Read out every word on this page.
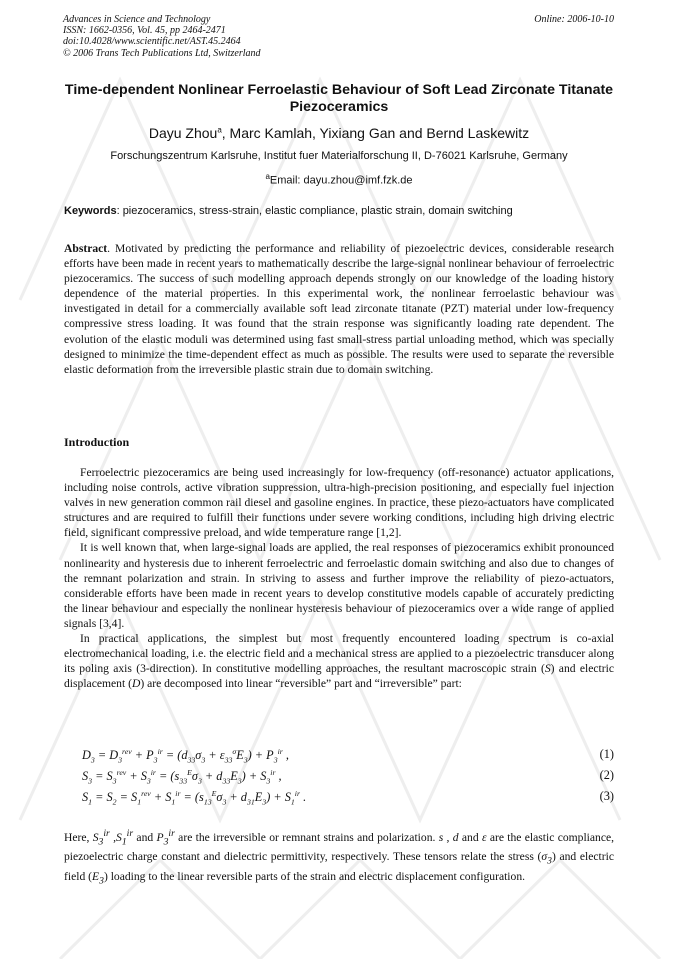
Advances in Science and Technology
ISSN: 1662-0356, Vol. 45, pp 2464-2471
doi:10.4028/www.scientific.net/AST.45.2464
© 2006 Trans Tech Publications Ltd, Switzerland
Online: 2006-10-10
Time-dependent Nonlinear Ferroelastic Behaviour of Soft Lead Zirconate Titanate Piezoceramics
Dayu Zhou$^a$, Marc Kamlah, Yixiang Gan and Bernd Laskewitz
Forschungszentrum Karlsruhe, Institut fuer Materialforschung II, D-76021 Karlsruhe, Germany
$^a$Email: dayu.zhou@imf.fzk.de
Keywords: piezoceramics, stress-strain, elastic compliance, plastic strain, domain switching
Abstract. Motivated by predicting the performance and reliability of piezoelectric devices, considerable research efforts have been made in recent years to mathematically describe the large-signal nonlinear behaviour of ferroelectric piezoceramics. The success of such modelling approach depends strongly on our knowledge of the loading history dependence of the material properties. In this experimental work, the nonlinear ferroelastic behaviour was investigated in detail for a commercially available soft lead zirconate titanate (PZT) material under low-frequency compressive stress loading. It was found that the strain response was significantly loading rate dependent. The evolution of the elastic moduli was determined using fast small-stress partial unloading method, which was specially designed to minimize the time-dependent effect as much as possible. The results were used to separate the reversible elastic deformation from the irreversible plastic strain due to domain switching.
Introduction

Ferroelectric piezoceramics are being used increasingly for low-frequency (off-resonance) actuator applications, including noise controls, active vibration suppression, ultra-high-precision positioning, and especially fuel injection valves in new generation common rail diesel and gasoline engines. In practice, these piezo-actuators have complicated structures and are required to fulfill their functions under severe working conditions, including high driving electric field, significant compressive preload, and wide temperature range [1,2].

It is well known that, when large-signal loads are applied, the real responses of piezoceramics exhibit pronounced nonlinearity and hysteresis due to inherent ferroelectric and ferroelastic domain switching and also due to changes of the remnant polarization and strain. In striving to assess and further improve the reliability of piezo-actuators, considerable efforts have been made in recent years to develop constitutive models capable of accurately predicting the linear behaviour and especially the nonlinear hysteresis behaviour of piezoceramics over a wide range of applied signals [3,4].

In practical applications, the simplest but most frequently encountered loading spectrum is co-axial electromechanical loading, i.e. the electric field and a mechanical stress are applied to a piezoelectric transducer along its poling axis (3-direction). In constitutive modelling approaches, the resultant macroscopic strain (S) and electric displacement (D) are decomposed into linear “reversible” part and “irreversible” part:

$D_3 = D_3^{rev} + P_3^{ir} = (d_{33}\sigma_3 + \varepsilon_{33}^\sigma E_3) + P_3^{ir}$ ,	(1)
$S_3 = S_3^{rev} + S_3^{ir} = (s_{33}^E\sigma_3 + d_{33}E_3) + S_3^{ir}$ ,	(2)
$S_1 = S_2 = S_1^{rev} + S_1^{ir} = (s_{13}^E\sigma_3 + d_{31}E_3) + S_1^{ir}$ .	(3)

Here, $S_3^{ir}$ $,S_1^{ir}$ and $P_3^{ir}$ are the irreversible or remnant strains and polarization. s , d and ε are the elastic compliance, piezoelectric charge constant and dielectric permittivity, respectively. These tensors relate the stress $(\sigma_3)$ and electric field $(E_3)$ loading to the linear reversible parts of the strain and electric displacement configuration.
